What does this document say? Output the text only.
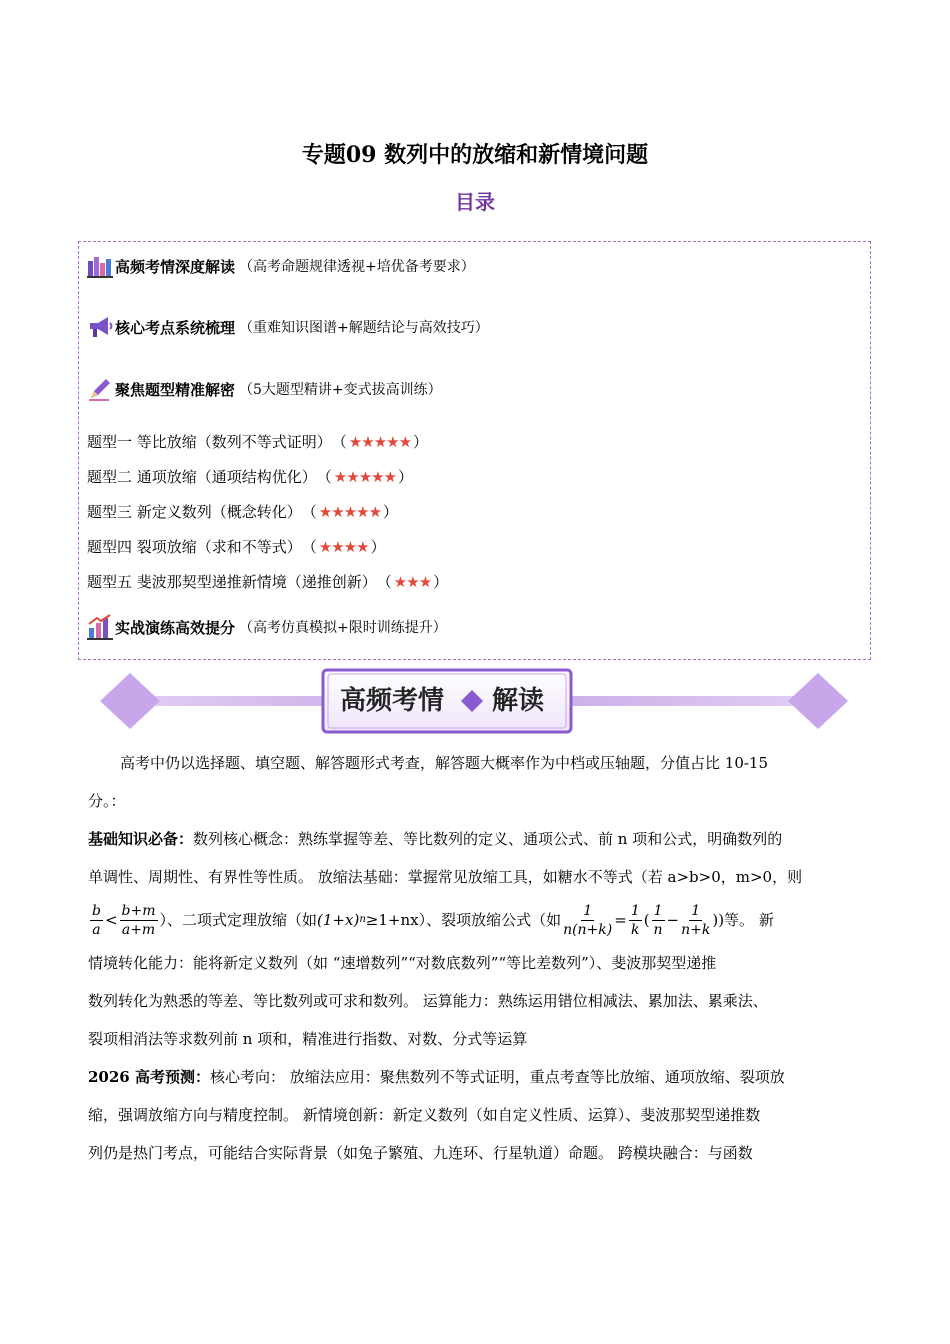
专题09 数列中的放缩和新情境问题
目录
高频考情深度解读 （高考命题规律透视+培优备考要求）
核心考点系统梳理 （重难知识图谱+解题结论与高效技巧）
聚焦题型精准解密 （5大题型精讲+变式拔高训练）
题型一 等比放缩（数列不等式证明） （ ★★★★★ ）
题型二 通项放缩（通项结构优化） （ ★★★★★ ）
题型三 新定义数列（概念转化） （ ★★★★★ ）
题型四 裂项放缩（求和不等式） （ ★★★★ ）
题型五 斐波那契型递推新情境（递推创新） （ ★★★ ）
实战演练高效提分 （高考仿真模拟+限时训练提升）
高频考情 解读

高考中仍以选择题、填空题、解答题形式考查，解答题大概率作为中档或压轴题，分值占比 10-15

分。：

基础知识必备：数列核心概念：熟练掌握等差、等比数列的定义、通项公式、前 n 项和公式，明确数列的

单调性、周期性、有界性等性质。 放缩法基础：掌握常见放缩工具，如糖水不等式（若 a>b>0，m>0，则

$\frac{b}{a} < \frac{b+m}{a+m}$ ）、二项式定理放缩（如 (1+x) n ≥1+nx）、裂项放缩公式（如 $\frac{1}{n(n+k)} = \frac{1}{k}$ ( $\frac{1}{n} - \frac{1}{n+k}$ ))等。 新

情境转化能力：能将新定义数列（如 “速增数列”“对数底数列”“等比差数列”）、斐波那契型递推

数列转化为熟悉的等差、等比数列或可求和数列。 运算能力：熟练运用错位相减法、累加法、累乘法、

裂项相消法等求数列前 n 项和，精准进行指数、对数、分式等运算

2026 高考预测：核心考向： 放缩法应用：聚焦数列不等式证明，重点考查等比放缩、通项放缩、裂项放

缩，强调放缩方向与精度控制。 新情境创新：新定义数列（如自定义性质、运算）、斐波那契型递推数

列仍是热门考点，可能结合实际背景（如兔子繁殖、九连环、行星轨道）命题。 跨模块融合：与函数
